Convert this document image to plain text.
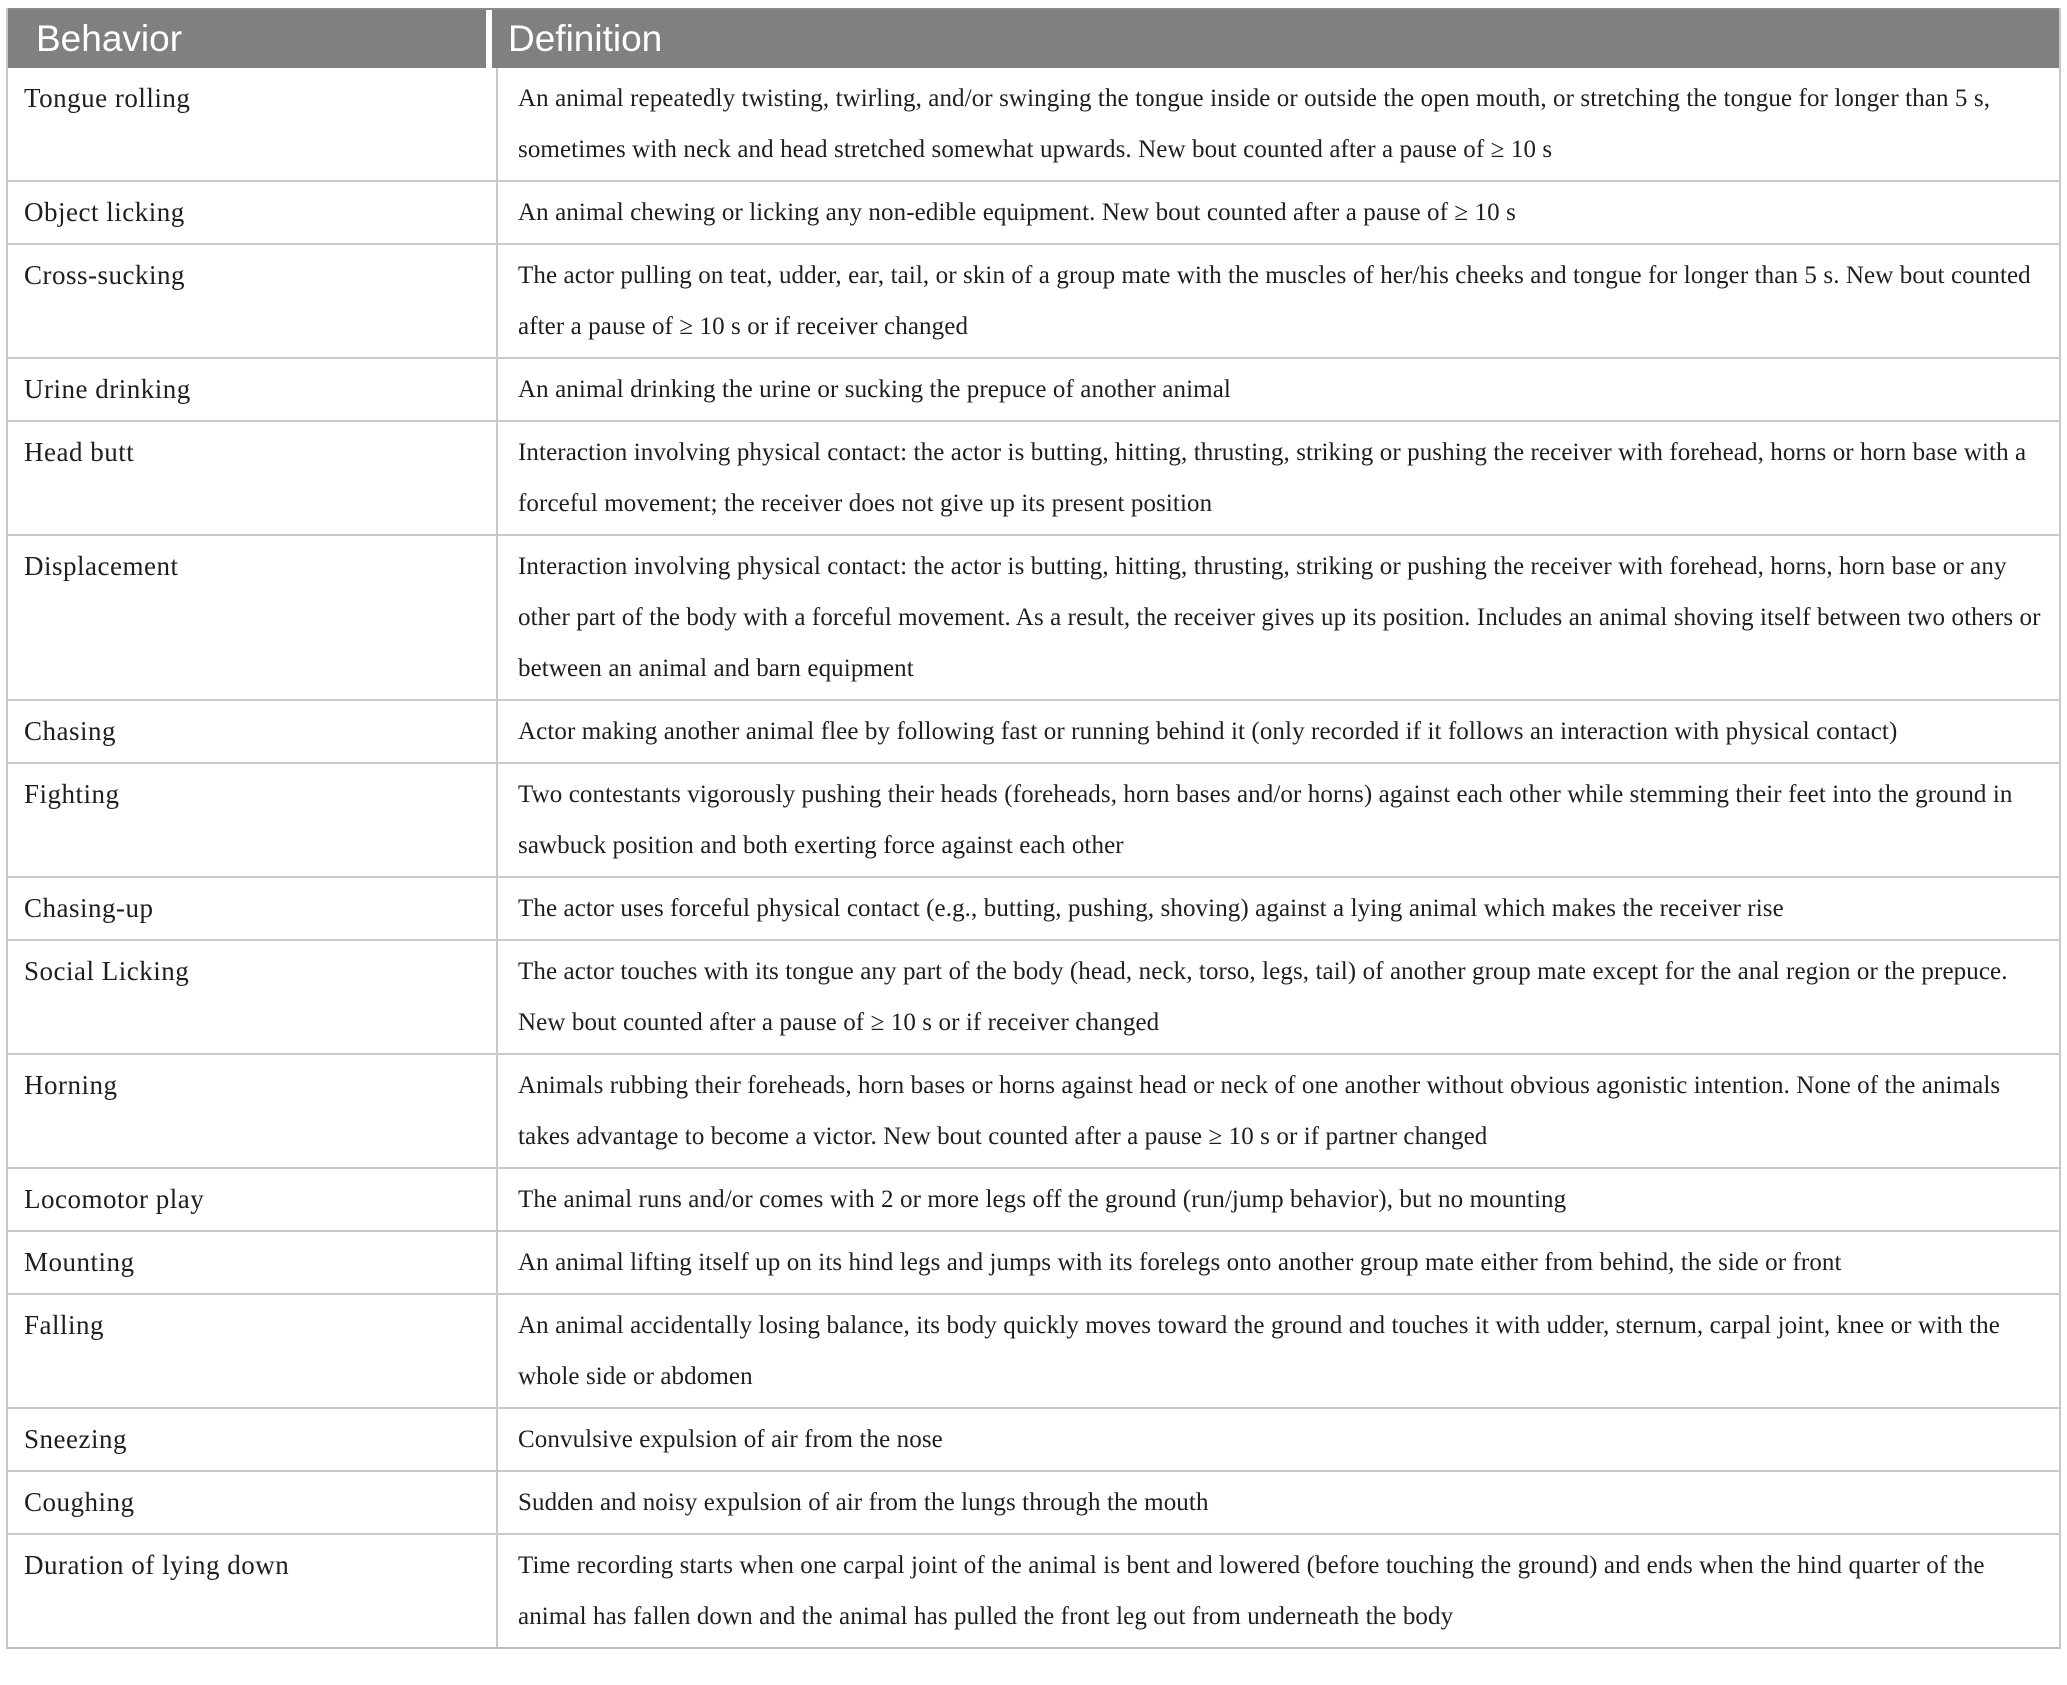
Behavior	Definition
Tongue rolling	An animal repeatedly twisting, twirling, and/or swinging the tongue inside or outside the open mouth, or stretching the tongue for longer than 5 s, sometimes with neck and head stretched somewhat upwards. New bout counted after a pause of ≥ 10 s
Object licking	An animal chewing or licking any non-edible equipment. New bout counted after a pause of ≥ 10 s
Cross-sucking	The actor pulling on teat, udder, ear, tail, or skin of a group mate with the muscles of her/his cheeks and tongue for longer than 5 s. New bout counted after a pause of ≥ 10 s or if receiver changed
Urine drinking	An animal drinking the urine or sucking the prepuce of another animal
Head butt	Interaction involving physical contact: the actor is butting, hitting, thrusting, striking or pushing the receiver with forehead, horns or horn base with a forceful movement; the receiver does not give up its present position
Displacement	Interaction involving physical contact: the actor is butting, hitting, thrusting, striking or pushing the receiver with forehead, horns, horn base or any other part of the body with a forceful movement. As a result, the receiver gives up its position. Includes an animal shoving itself between two others or between an animal and barn equipment
Chasing	Actor making another animal flee by following fast or running behind it (only recorded if it follows an interaction with physical contact)
Fighting	Two contestants vigorously pushing their heads (foreheads, horn bases and/or horns) against each other while stemming their feet into the ground in sawbuck position and both exerting force against each other
Chasing-up	The actor uses forceful physical contact (e.g., butting, pushing, shoving) against a lying animal which makes the receiver rise
Social Licking	The actor touches with its tongue any part of the body (head, neck, torso, legs, tail) of another group mate except for the anal region or the prepuce. New bout counted after a pause of ≥ 10 s or if receiver changed
Horning	Animals rubbing their foreheads, horn bases or horns against head or neck of one another without obvious agonistic intention. None of the animals takes advantage to become a victor. New bout counted after a pause ≥ 10 s or if partner changed
Locomotor play	The animal runs and/or comes with 2 or more legs off the ground (run/jump behavior), but no mounting
Mounting	An animal lifting itself up on its hind legs and jumps with its forelegs onto another group mate either from behind, the side or front
Falling	An animal accidentally losing balance, its body quickly moves toward the ground and touches it with udder, sternum, carpal joint, knee or with the whole side or abdomen
Sneezing	Convulsive expulsion of air from the nose
Coughing	Sudden and noisy expulsion of air from the lungs through the mouth
Duration of lying down	Time recording starts when one carpal joint of the animal is bent and lowered (before touching the ground) and ends when the hind quarter of the animal has fallen down and the animal has pulled the front leg out from underneath the body
